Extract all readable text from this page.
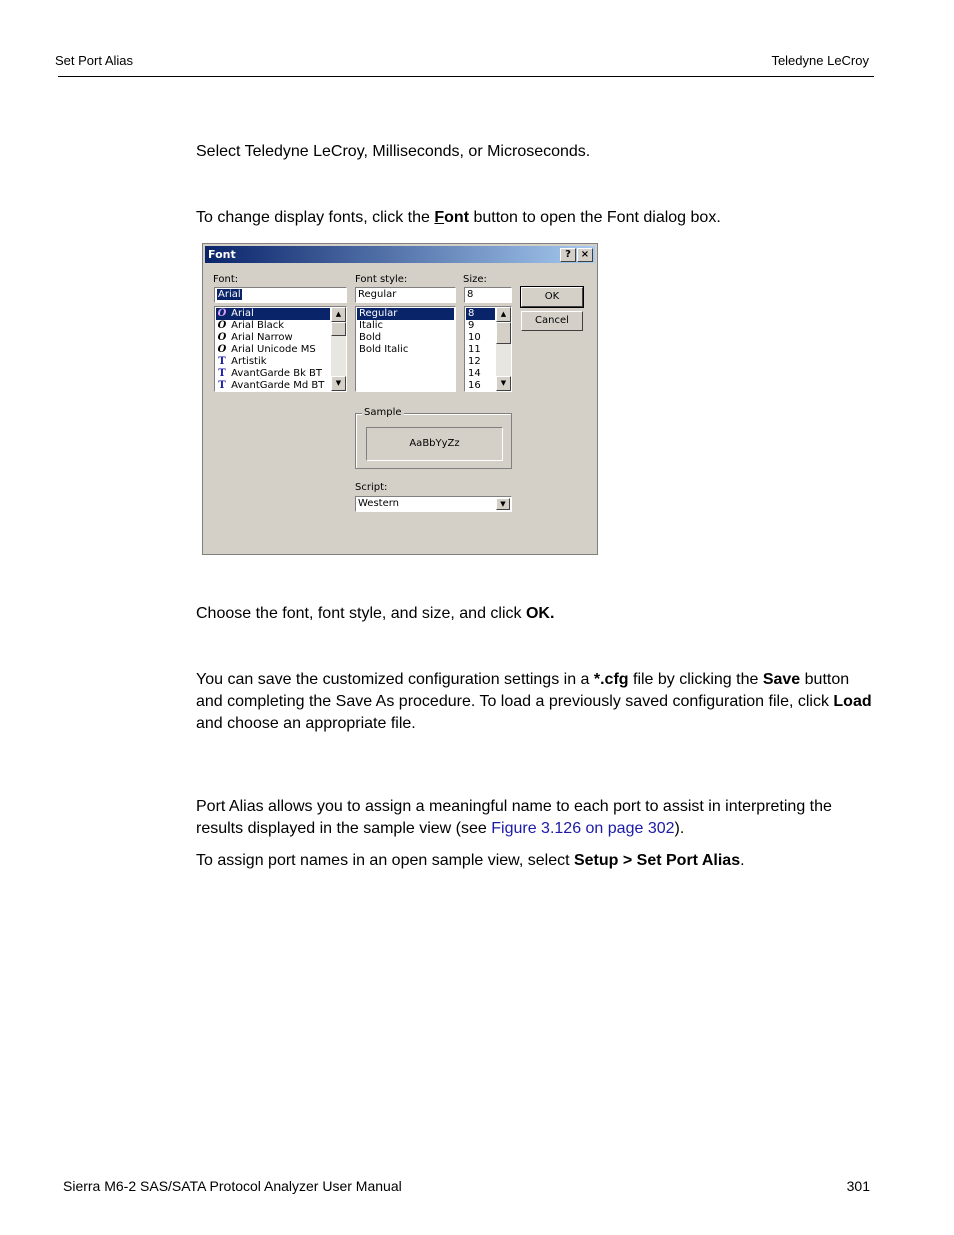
Set Port Alias	Teledyne LeCroy
Select Teledyne LeCroy, Milliseconds, or Microseconds.
To change display fonts, click the Font button to open the Font dialog box.
Font	? ×
Font:
Arial
O Arial
O Arial Black
O Arial Narrow
O Arial Unicode MS
T Artistik
T AvantGarde Bk BT
T AvantGarde Md BT
▲
▼
Font style:
Regular
Regular
Italic
Bold
Bold Italic
Size:
8
8
9
10
11
12
14
16
▲
▼
OK
Cancel
Sample
AaBbYyZz
Script:
Western	▼
Choose the font, font style, and size, and click OK.
You can save the customized configuration settings in a *.cfg file by clicking the Save button and completing the Save As procedure. To load a previously saved configuration file, click Load and choose an appropriate file.
Port Alias allows you to assign a meaningful name to each port to assist in interpreting the results displayed in the sample view (see Figure 3.126 on page 302).
To assign port names in an open sample view, select Setup > Set Port Alias.
Sierra M6-2 SAS/SATA Protocol Analyzer User Manual	301
